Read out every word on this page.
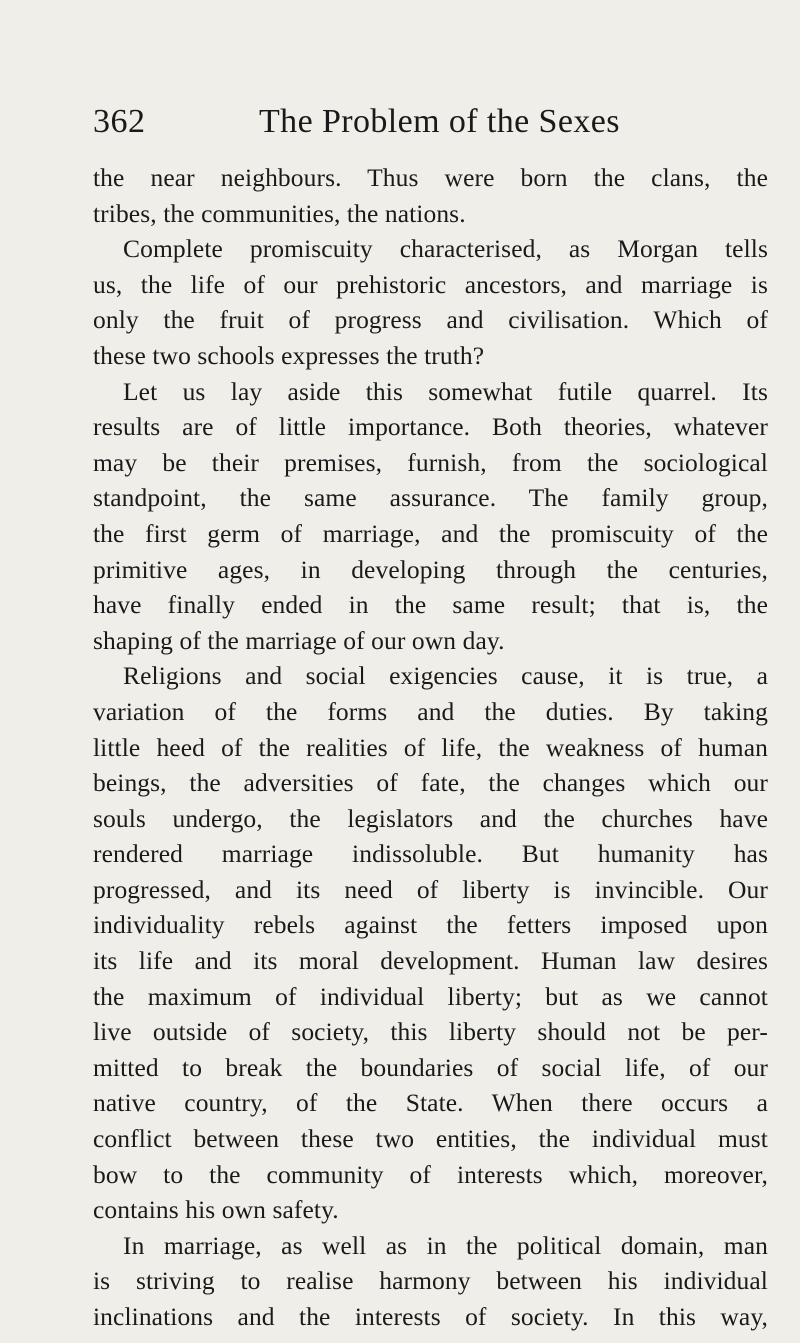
362	The Problem of the Sexes
the near neighbours. Thus were born the clans, the
tribes, the communities, the nations.
Complete promiscuity characterised, as Morgan tells
us, the life of our prehistoric ancestors, and marriage is
only the fruit of progress and civilisation. Which of
these two schools expresses the truth?
Let us lay aside this somewhat futile quarrel. Its
results are of little importance. Both theories, whatever
may be their premises, furnish, from the sociological
standpoint, the same assurance. The family group,
the first germ of marriage, and the promiscuity of the
primitive ages, in developing through the centuries,
have finally ended in the same result; that is, the
shaping of the marriage of our own day.
Religions and social exigencies cause, it is true, a
variation of the forms and the duties. By taking
little heed of the realities of life, the weakness of human
beings, the adversities of fate, the changes which our
souls undergo, the legislators and the churches have
rendered marriage indissoluble. But humanity has
progressed, and its need of liberty is invincible. Our
individuality rebels against the fetters imposed upon
its life and its moral development. Human law desires
the maximum of individual liberty; but as we cannot
live outside of society, this liberty should not be per-
mitted to break the boundaries of social life, of our
native country, of the State. When there occurs a
conflict between these two entities, the individual must
bow to the community of interests which, moreover,
contains his own safety.
In marriage, as well as in the political domain, man
is striving to realise harmony between his individual
inclinations and the interests of society. In this way,
